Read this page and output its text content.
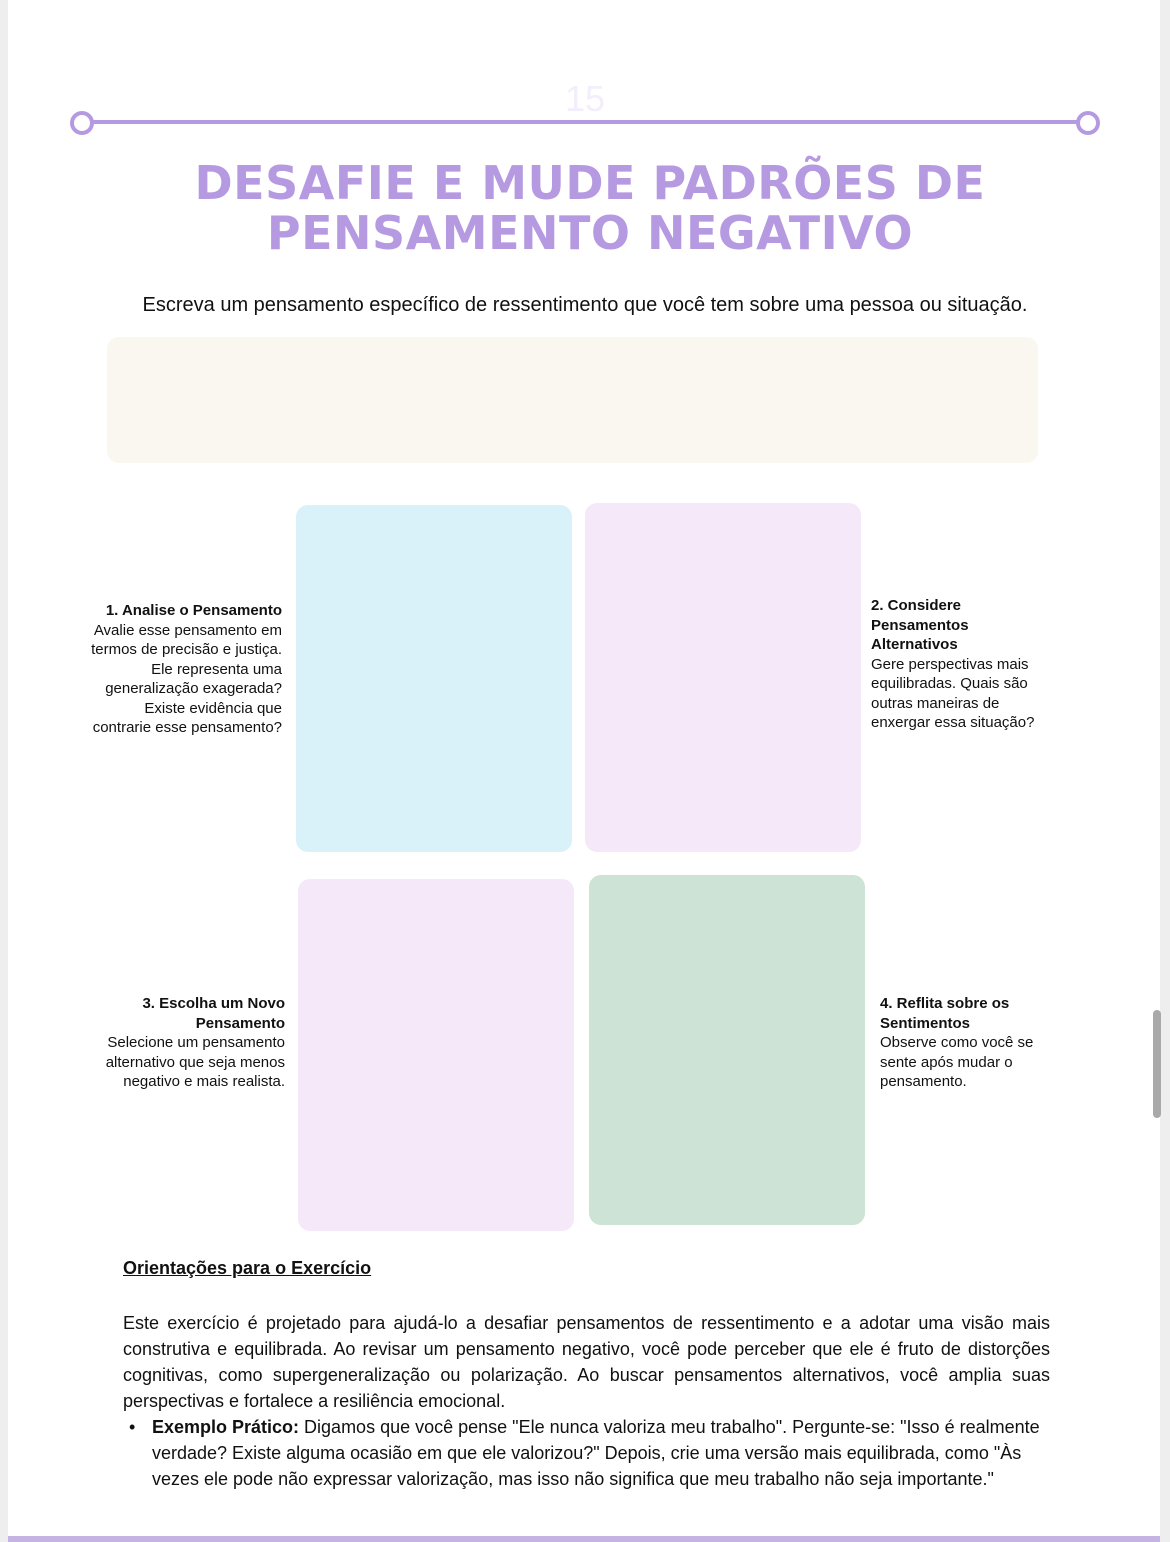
15
DESAFIE E MUDE PADRÕES DE
PENSAMENTO NEGATIVO
Escreva um pensamento específico de ressentimento que você tem sobre uma pessoa ou situação.
1. Analise o Pensamento
Avalie esse pensamento em termos de precisão e justiça. Ele representa uma generalização exagerada? Existe evidência que contrarie esse pensamento?
2. Considere Pensamentos Alternativos
Gere perspectivas mais equilibradas. Quais são outras maneiras de enxergar essa situação?
3. Escolha um Novo Pensamento
Selecione um pensamento alternativo que seja menos negativo e mais realista.
4. Reflita sobre os Sentimentos
Observe como você se sente após mudar o pensamento.
Orientações para o Exercício

Este exercício é projetado para ajudá-lo a desafiar pensamentos de ressentimento e a adotar uma visão mais construtiva e equilibrada. Ao revisar um pensamento negativo, você pode perceber que ele é fruto de distorções cognitivas, como supergeneralização ou polarização. Ao buscar pensamentos alternativos, você amplia suas perspectivas e fortalece a resiliência emocional.

• Exemplo Prático: Digamos que você pense "Ele nunca valoriza meu trabalho". Pergunte-se: "Isso é realmente verdade? Existe alguma ocasião em que ele valorizou?" Depois, crie uma versão mais equilibrada, como "Às vezes ele pode não expressar valorização, mas isso não significa que meu trabalho não seja importante."
